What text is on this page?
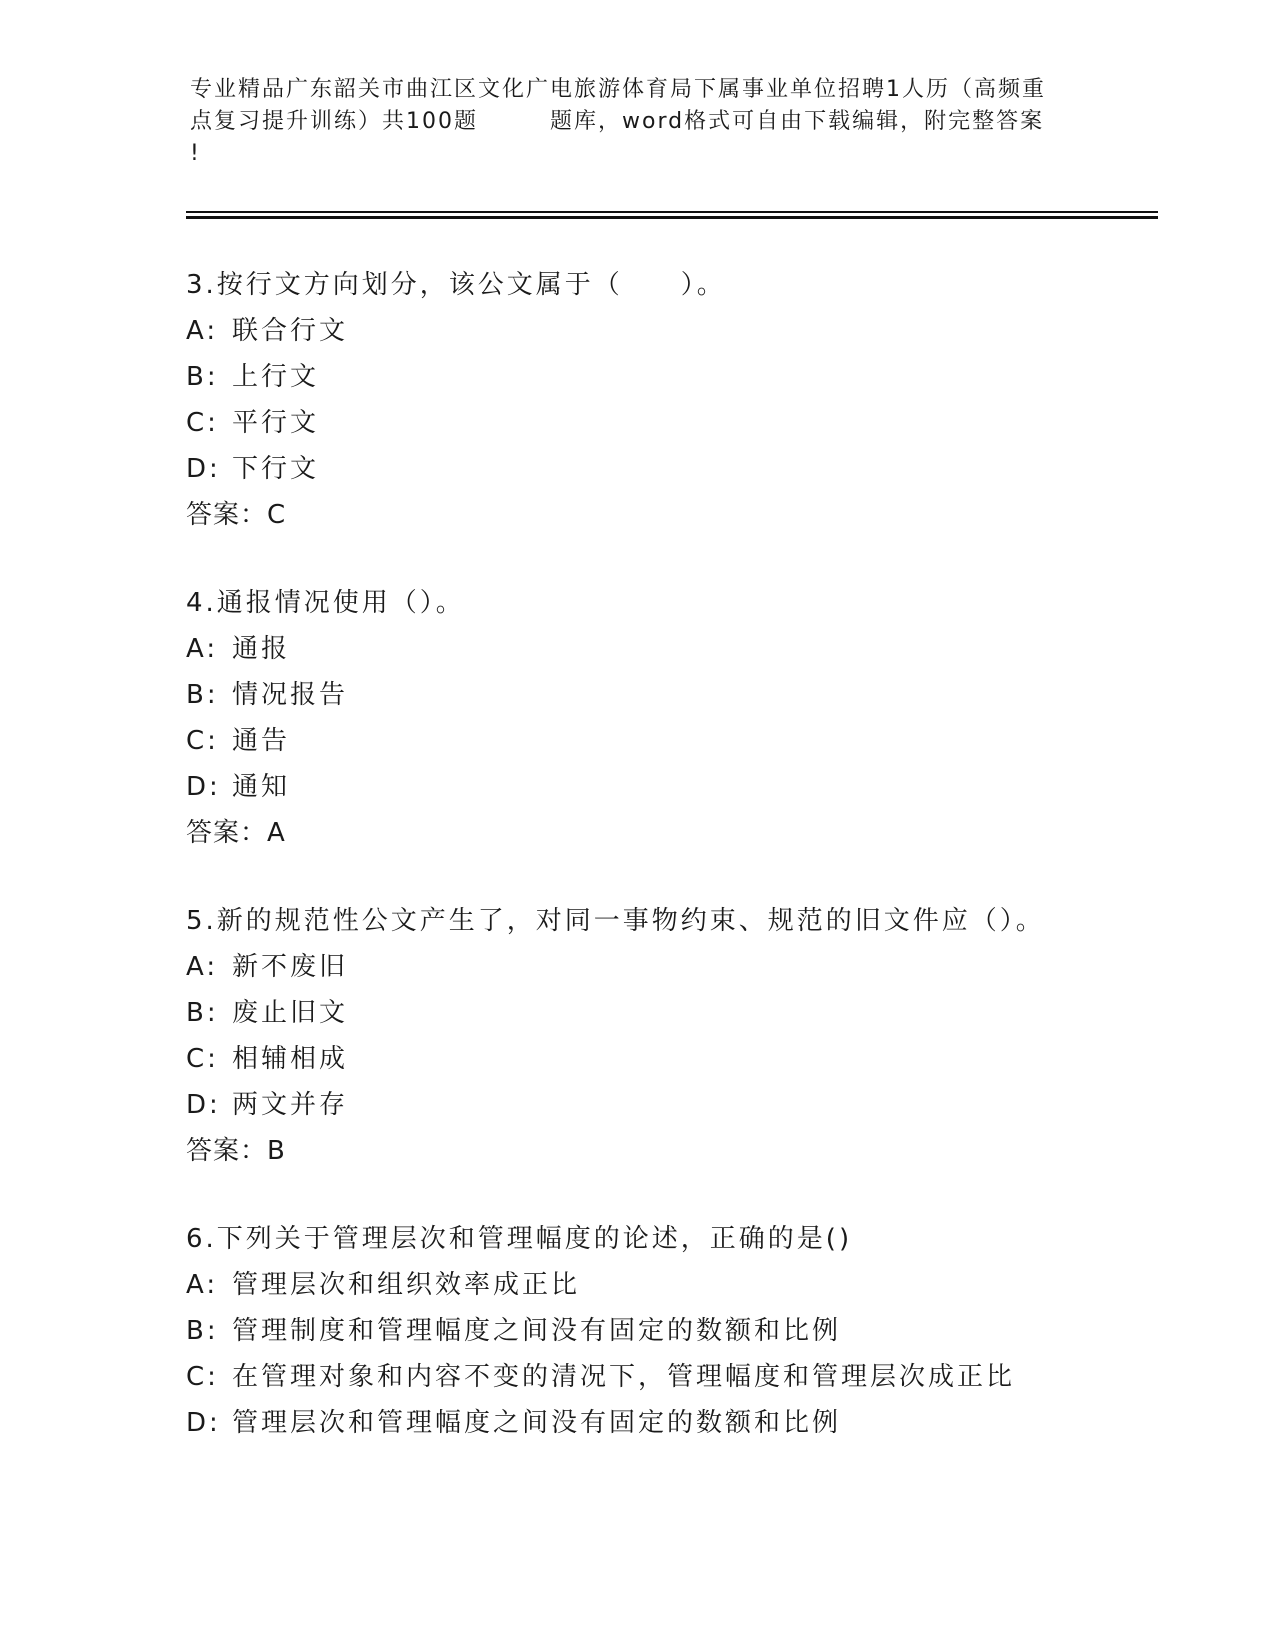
专业精品广东韶关市曲江区文化广电旅游体育局下属事业单位招聘1人历（高频重
点复习提升训练）共100题　　　题库，word格式可自由下载编辑，附完整答案
!
3.按行文方向划分，该公文属于（　　）。
A: 联合行文
B: 上行文
C: 平行文
D: 下行文
答案：C
4.通报情况使用（）。
A: 通报
B: 情况报告
C: 通告
D: 通知
答案：A
5.新的规范性公文产生了，对同一事物约束、规范的旧文件应（）。
A: 新不废旧
B: 废止旧文
C: 相辅相成
D: 两文并存
答案：B
6.下列关于管理层次和管理幅度的论述，正确的是()
A: 管理层次和组织效率成正比
B: 管理制度和管理幅度之间没有固定的数额和比例
C: 在管理对象和内容不变的清况下，管理幅度和管理层次成正比
D: 管理层次和管理幅度之间没有固定的数额和比例
